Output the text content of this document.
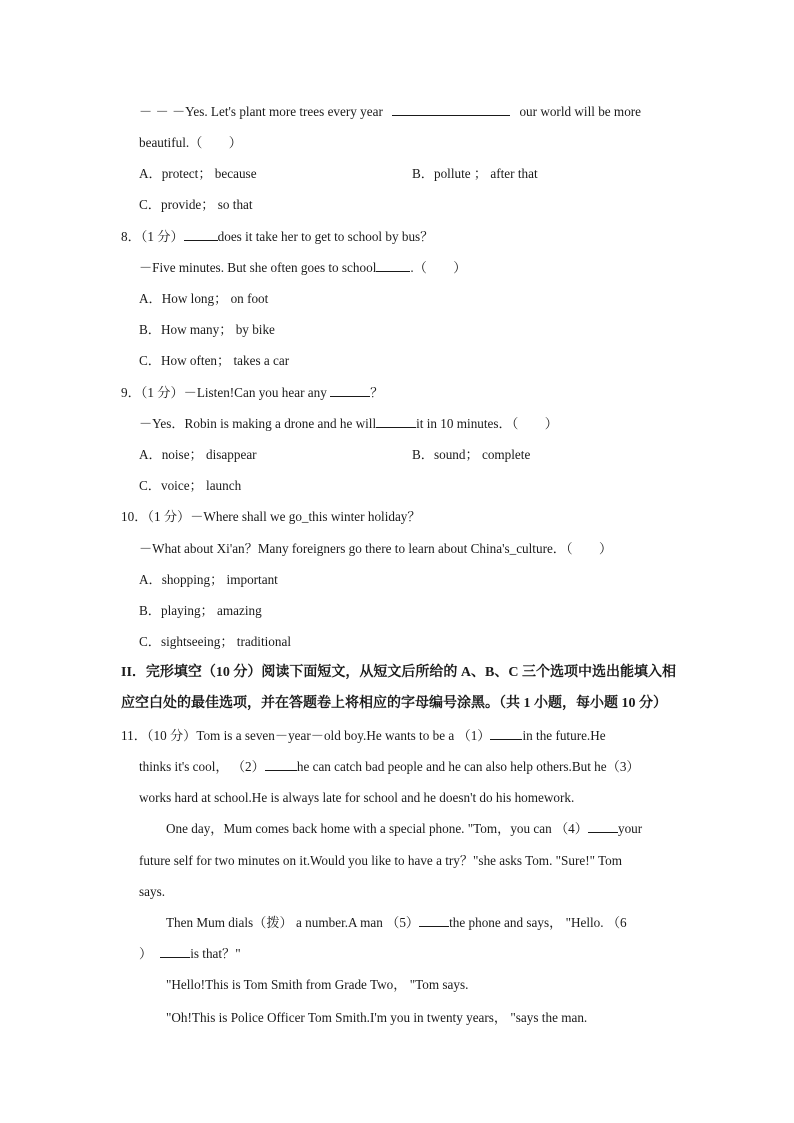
－ － －Yes. Let's plant more trees every year	our world will be more
beautiful.（　　）
A．protect； because	B．pollute ； after that
C．provide； so that
8．（1 分）	does it take her to get to school by bus？
－Five minutes. But she often goes to school	.（　　）
A．How long； on foot
B．How many； by bike
C．How often； takes a car
9．（1 分）－Listen!Can you hear any	？
－Yes．Robin is making a drone and he will	it in 10 minutes．（　　）
A．noise； disappear	B．sound； complete
C．voice； launch
10．（1 分）－Where shall we go_this winter holiday？
－What about Xi'an？Many foreigners go there to learn about China's_culture．（　　）
A．shopping； important
B．playing； amazing
C．sightseeing； traditional
II．完形填空（10 分）阅读下面短文，从短文后所给的 A、B、C 三个选项中选出能填入相
应空白处的最佳选项，并在答题卷上将相应的字母编号涂黑。（共 1 小题，每小题 10 分）
11．（10 分）Tom is a seven－year－old boy.He wants to be a （1） in the future.He
thinks it's cool， （2） he can catch bad people and he can also help others.But he（3）
works hard at school.He is always late for school and he doesn't do his homework.
One day，Mum comes back home with a special phone. "Tom，you can （4） your
future self for two minutes on it.Would you like to have a try？"she asks Tom. "Sure!" Tom
says.
Then Mum dials（拨） a number.A man （5） the phone and says， "Hello. （6
）	is that？"
"Hello!This is Tom Smith from Grade Two， "Tom says.
"Oh!This is Police Officer Tom Smith.I'm you in twenty years， "says the man.
